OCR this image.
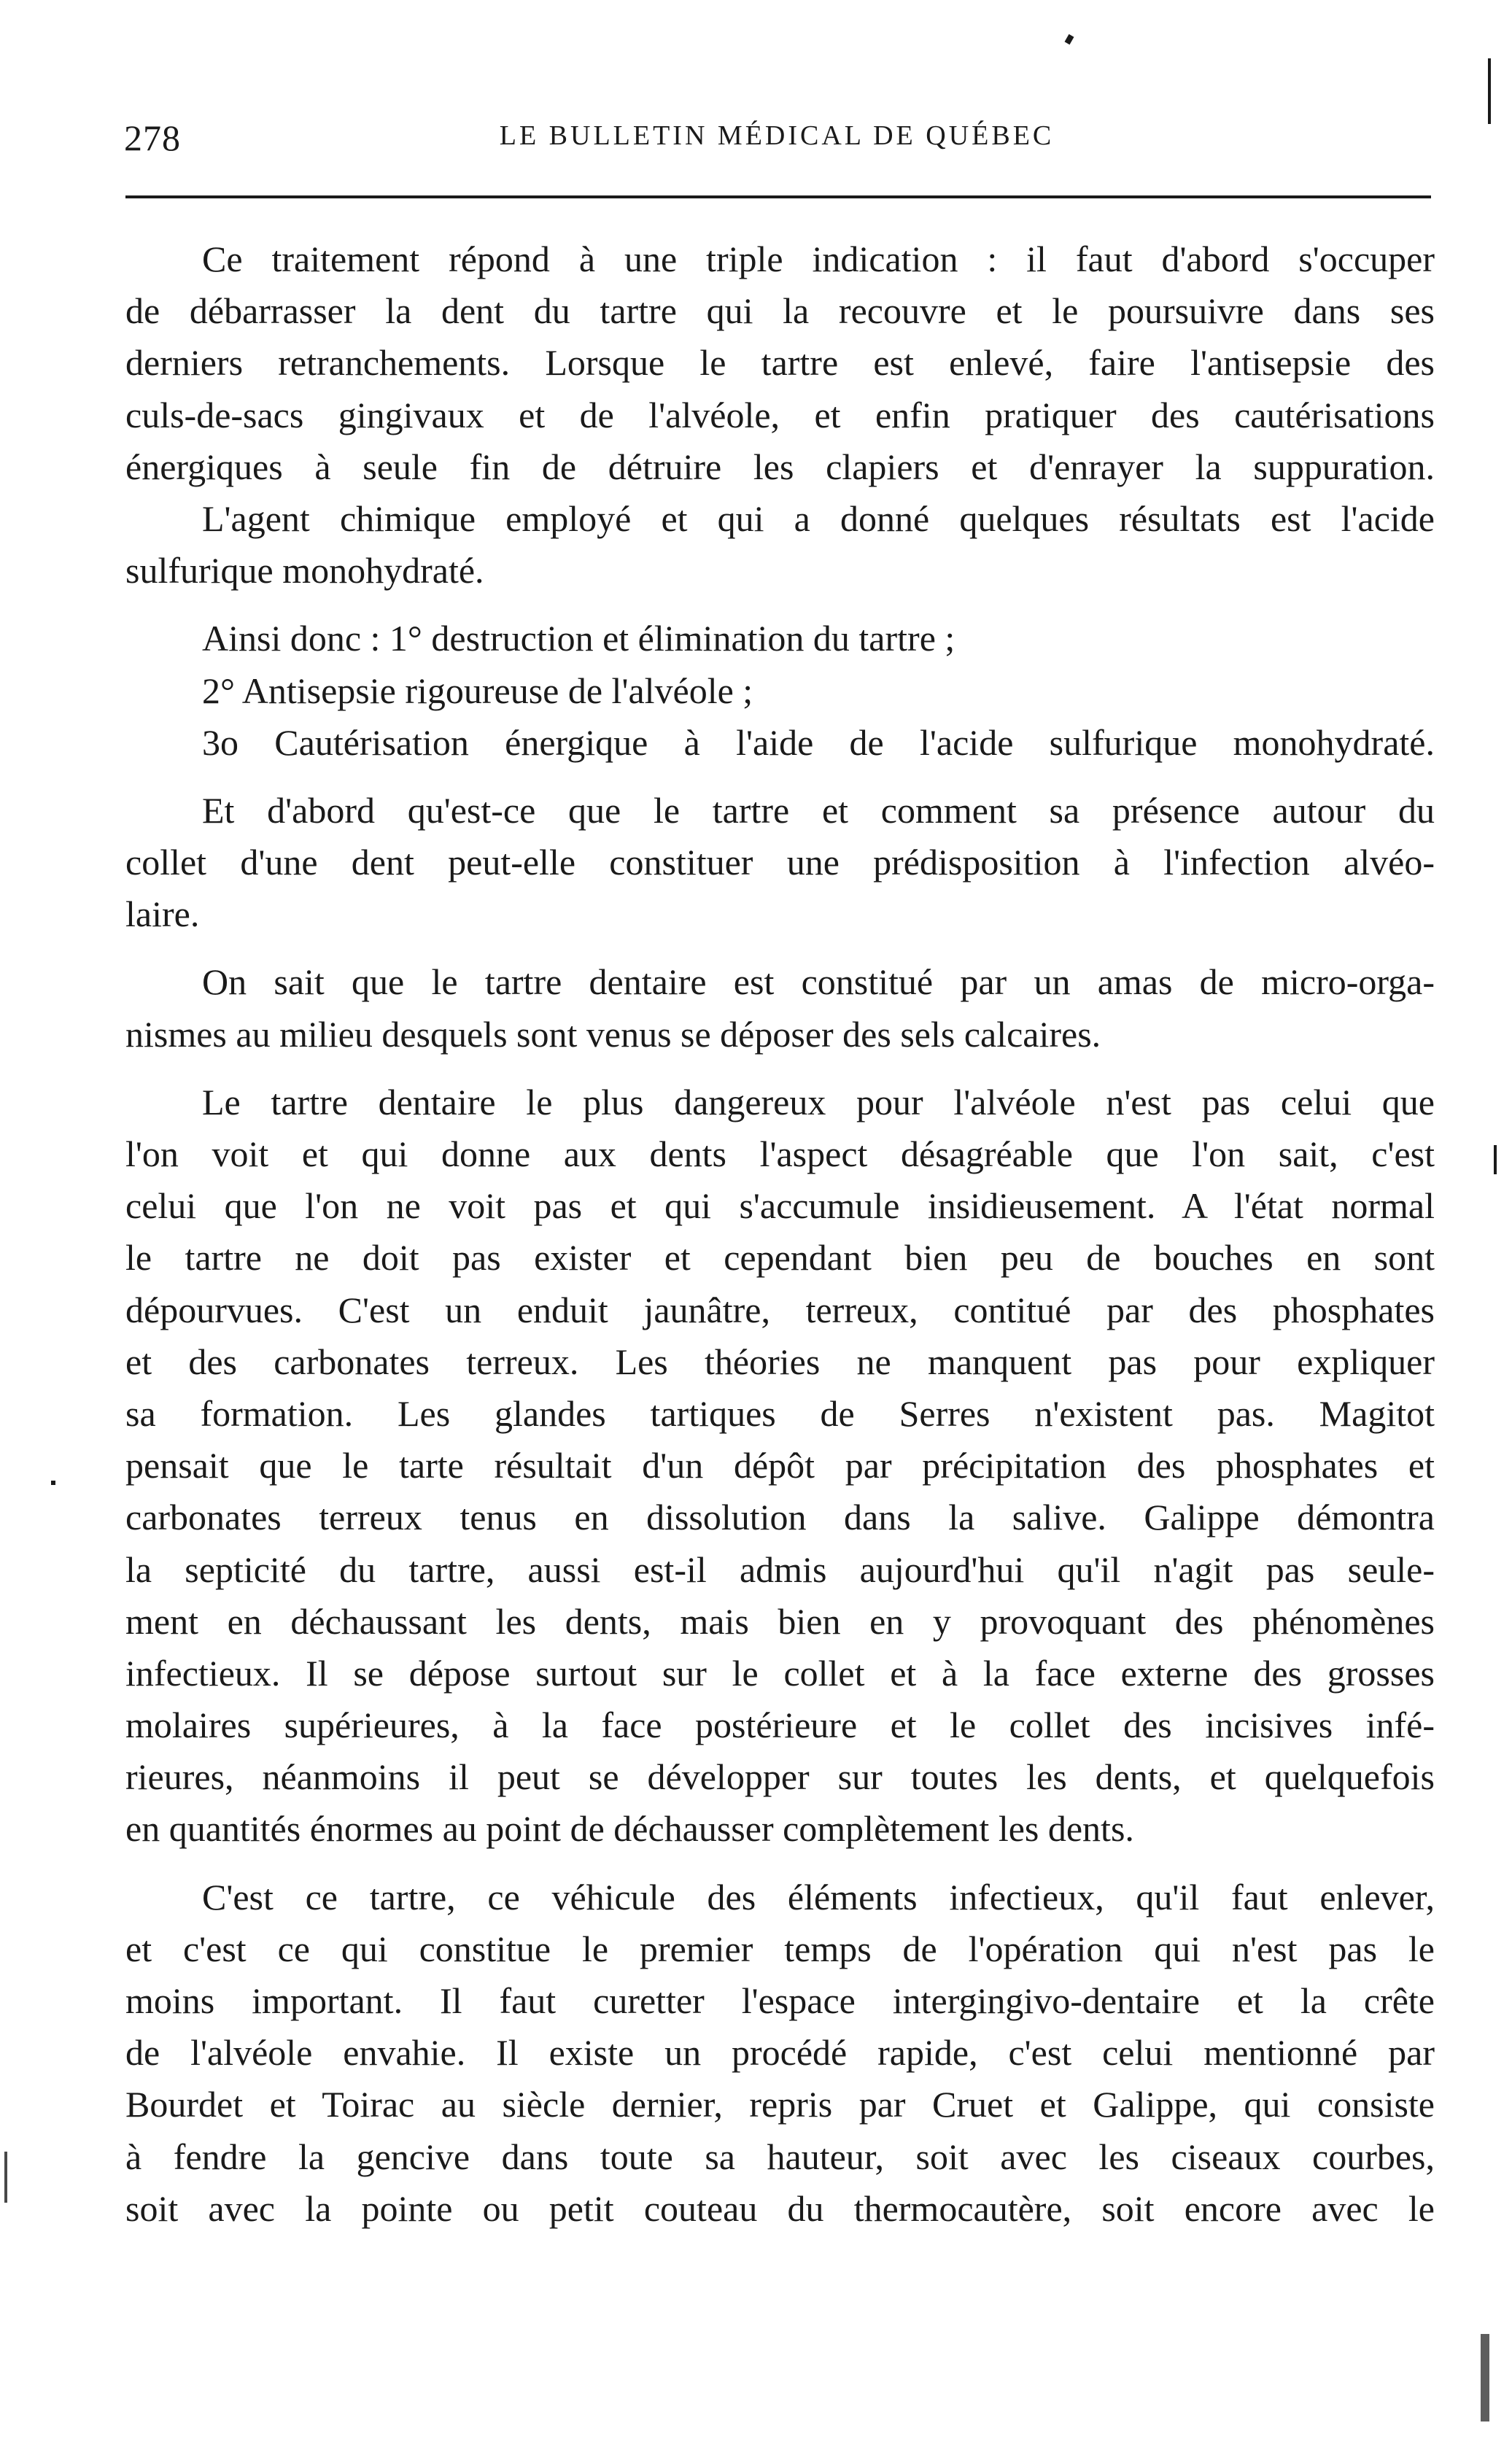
278	LE BULLETIN MÉDICAL DE QUÉBEC
Ce traitement répond à une triple indication : il faut d'abord s'occuper
de débarrasser la dent du tartre qui la recouvre et le poursuivre dans ses
derniers retranchements. Lorsque le tartre est enlevé, faire l'antisepsie des
culs-de-sacs gingivaux et de l'alvéole, et enfin pratiquer des cautérisations
énergiques à seule fin de détruire les clapiers et d'enrayer la suppuration.
L'agent chimique employé et qui a donné quelques résultats est l'acide
sulfurique monohydraté.
Ainsi donc : 1° destruction et élimination du tartre ;
2° Antisepsie rigoureuse de l'alvéole ;
3o Cautérisation énergique à l'aide de l'acide sulfurique monohydraté.
Et d'abord qu'est-ce que le tartre et comment sa présence autour du
collet d'une dent peut-elle constituer une prédisposition à l'infection alvéo-
laire.
On sait que le tartre dentaire est constitué par un amas de micro-orga-
nismes au milieu desquels sont venus se déposer des sels calcaires.
Le tartre dentaire le plus dangereux pour l'alvéole n'est pas celui que
l'on voit et qui donne aux dents l'aspect désagréable que l'on sait, c'est
celui que l'on ne voit pas et qui s'accumule insidieusement. A l'état normal
le tartre ne doit pas exister et cependant bien peu de bouches en sont
dépourvues. C'est un enduit jaunâtre, terreux, contitué par des phosphates
et des carbonates terreux. Les théories ne manquent pas pour expliquer
sa formation. Les glandes tartiques de Serres n'existent pas. Magitot
pensait que le tarte résultait d'un dépôt par précipitation des phosphates et
carbonates terreux tenus en dissolution dans la salive. Galippe démontra
la septicité du tartre, aussi est-il admis aujourd'hui qu'il n'agit pas seule-
ment en déchaussant les dents, mais bien en y provoquant des phénomènes
infectieux. Il se dépose surtout sur le collet et à la face externe des grosses
molaires supérieures, à la face postérieure et le collet des incisives infé-
rieures, néanmoins il peut se développer sur toutes les dents, et quelquefois
en quantités énormes au point de déchausser complètement les dents.
C'est ce tartre, ce véhicule des éléments infectieux, qu'il faut enlever,
et c'est ce qui constitue le premier temps de l'opération qui n'est pas le
moins important. Il faut curetter l'espace intergingivo-dentaire et la crête
de l'alvéole envahie. Il existe un procédé rapide, c'est celui mentionné par
Bourdet et Toirac au siècle dernier, repris par Cruet et Galippe, qui consiste
à fendre la gencive dans toute sa hauteur, soit avec les ciseaux courbes,
soit avec la pointe ou petit couteau du thermocautère, soit encore avec le
